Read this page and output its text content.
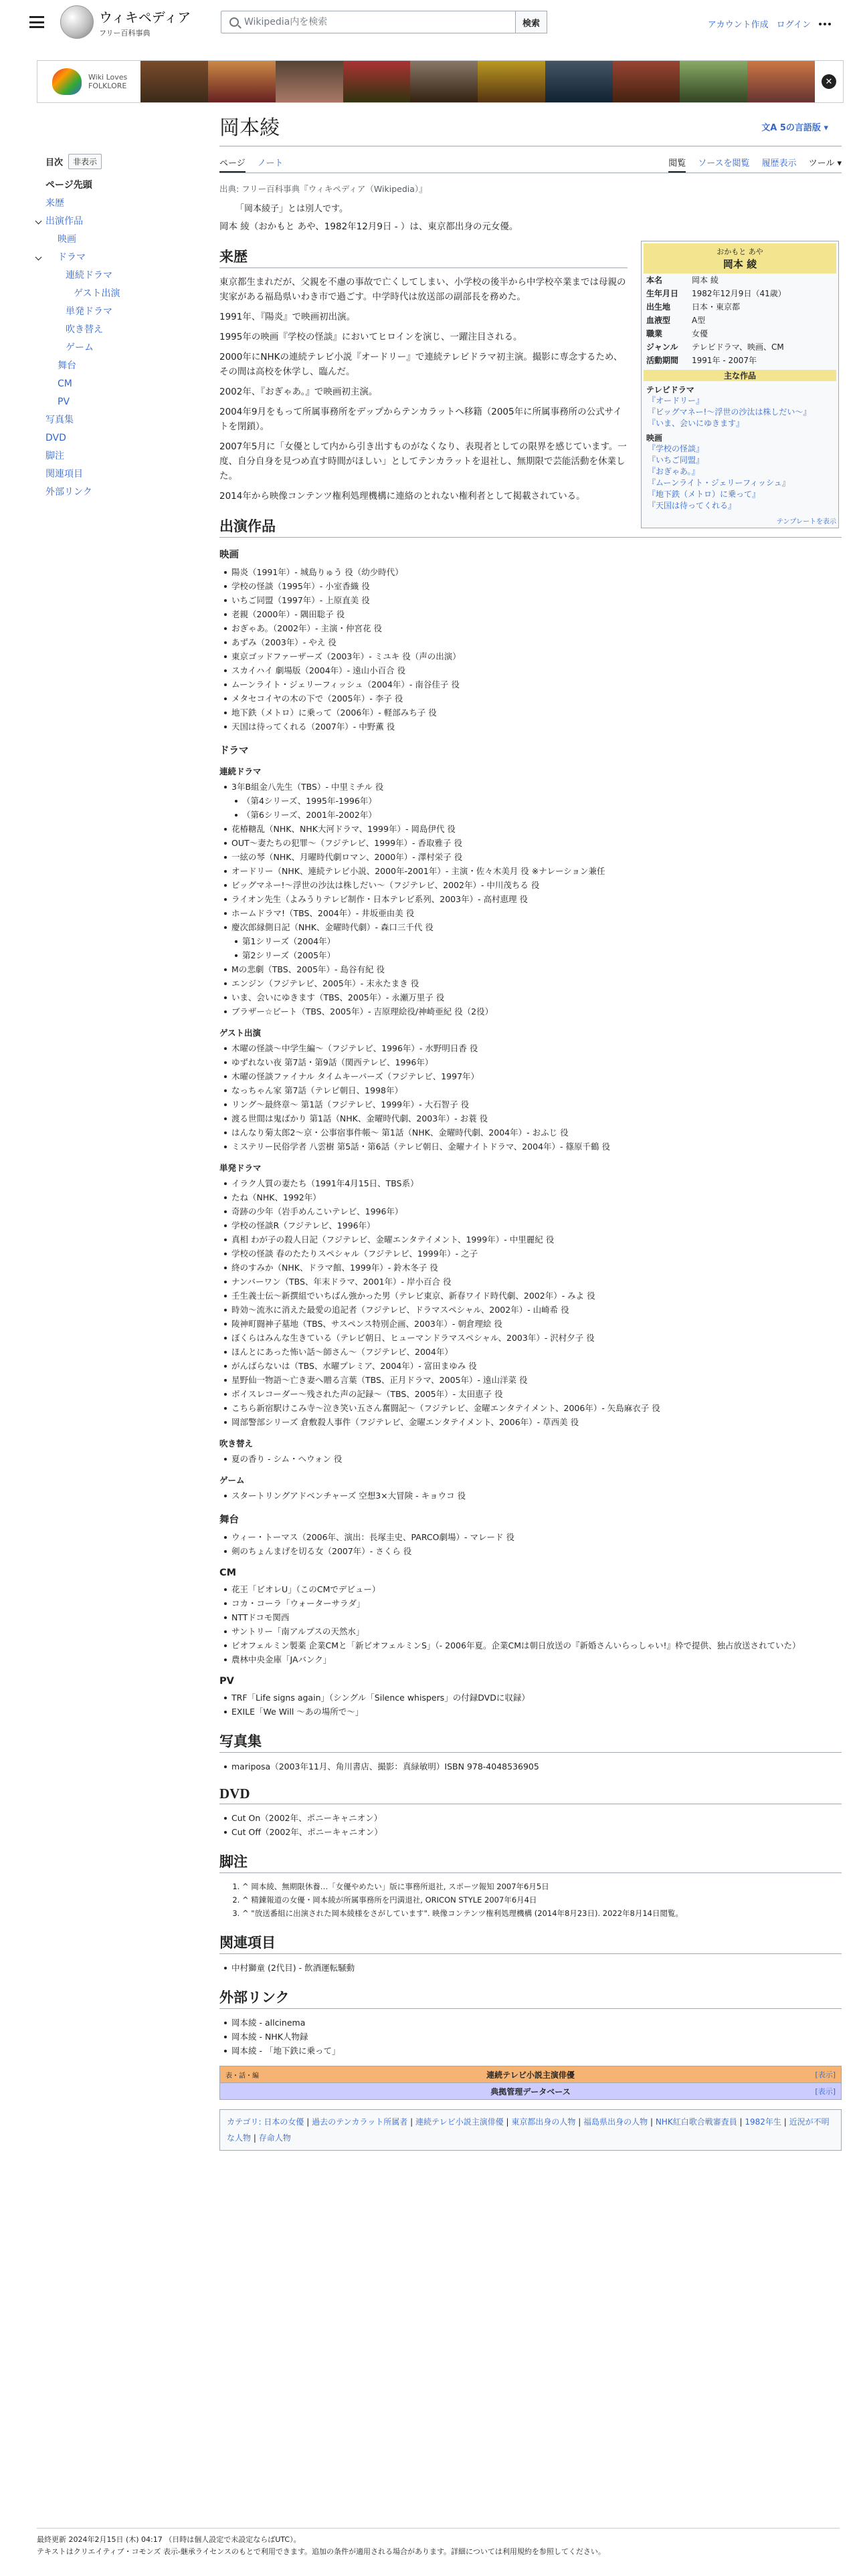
ウィキペディア
フリー百科事典
Wikipedia内を検索
検索	アカウント作成 ログイン
Wiki Loves
FOLKLORE	✕
目次	非表示
ページ先頭
来歴
出演作品
映画
ドラマ
連続ドラマ
ゲスト出演
単発ドラマ
吹き替え
ゲーム
舞台
CM
PV
写真集
DVD
脚注
関連項目
外部リンク
岡本綾	文A 5の言語版 ▾
ページ ノート	閲覧 ソースを閲覧 履歴表示 ツール ▾
出典: フリー百科事典『ウィキペディア（Wikipedia）』
「岡本綾子」とは別人です。
岡本 綾（おかもと あや、1982年12月9日 - ）は、東京都出身の元女優。
来歴
東京都生まれだが、父親を不慮の事故で亡くしてしまい、小学校の後半から中学校卒業までは母親の実家がある福島県いわき市で過ごす。中学時代は放送部の副部長を務めた。
1991年、『陽炎』で映画初出演。
1995年の映画『学校の怪談』においてヒロインを演じ、一躍注目される。
2000年にNHKの連続テレビ小説『オードリー』で連続テレビドラマ初主演。撮影に専念するため、その間は高校を休学し、臨んだ。
2002年、『おぎゃあ。』で映画初主演。
2004年9月をもって所属事務所をデップからテンカラットへ移籍（2005年に所属事務所の公式サイトを閉鎖）。
2007年5月に「女優として内から引き出すものがなくなり、表現者としての限界を感じています。一度、自分自身を見つめ直す時間がほしい」としてテンカラットを退社し、無期限で芸能活動を休業した。
2014年から映像コンテンツ権利処理機構に連絡のとれない権利者として掲載されている。
出演作品
映画
陽炎（1991年）- 城島りゅう 役（幼少時代）
学校の怪談（1995年）- 小室香織 役
いちご同盟（1997年）- 上原直美 役
老親（2000年）- 隅田聡子 役
おぎゃあ。（2002年）- 主演・仲宮花 役
あずみ（2003年）- やえ 役
東京ゴッドファーザーズ（2003年）- ミユキ 役（声の出演）
スカイハイ 劇場版（2004年）- 遠山小百合 役
ムーンライト・ジェリーフィッシュ（2004年）- 南谷佳子 役
メタセコイヤの木の下で（2005年）- 李子 役
地下鉄（メトロ）に乗って（2006年）- 軽部みち子 役
天国は待ってくれる（2007年）- 中野薫 役
ドラマ
連続ドラマ
3年B組金八先生（TBS）- 中里ミチル 役
（第4シリーズ、1995年-1996年）
（第6シリーズ、2001年-2002年）
花椿糖乱（NHK、NHK大河ドラマ、1999年）- 岡島伊代 役
OUT〜妻たちの犯罪〜（フジテレビ、1999年）- 香取雅子 役
一絃の琴（NHK、月曜時代劇ロマン、2000年）- 澤村栄子 役
オードリー（NHK、連続テレビ小説、2000年-2001年）- 主演・佐々木美月 役 ※ナレーション兼任
ビッグマネー!〜浮世の沙汰は株しだい〜（フジテレビ、2002年）- 中川茂ちる 役
ライオン先生（よみうりテレビ制作・日本テレビ系列、2003年）- 高村恵理 役
ホームドラマ!（TBS、2004年）- 井坂亜由美 役
慶次郎縁側日記（NHK、金曜時代劇）- 森口三千代 役
第1シリーズ（2004年）
第2シリーズ（2005年）
Mの悲劇（TBS、2005年）- 島谷有紀 役
エンジン（フジテレビ、2005年）- 末永たまき 役
いま、会いにゆきます（TBS、2005年）- 永瀬万里子 役
ブラザー☆ビート（TBS、2005年）- 吉原理絵役/神崎亜紀 役（2役）
ゲスト出演
木曜の怪談〜中学生編〜（フジテレビ、1996年）- 水野明日香 役
ゆずれない夜 第7話・第9話（関西テレビ、1996年）
木曜の怪談ファイナル タイムキーパーズ（フジテレビ、1997年）
なっちゃん家 第7話（テレビ朝日、1998年）
リング〜最終章〜 第1話（フジテレビ、1999年）- 大石智子 役
渡る世間は鬼ばかり 第1話（NHK、金曜時代劇、2003年）- お蓑 役
はんなり菊太郎2〜京・公事宿事件帳〜 第1話（NHK、金曜時代劇、2004年）- おふじ 役
ミステリー民俗学者 八雲樹 第5話・第6話（テレビ朝日、金曜ナイトドラマ、2004年）- 篠原千鶴 役
単発ドラマ
イラク人質の妻たち（1991年4月15日、TBS系）
たね（NHK、1992年）
奇跡の少年（岩手めんこいテレビ、1996年）
学校の怪談R（フジテレビ、1996年）
真相 わが子の殺人日記（フジテレビ、金曜エンタテイメント、1999年）- 中里麗紀 役
学校の怪談 春のたたりスペシャル（フジテレビ、1999年）- 之子
終のすみか（NHK、ドラマ館、1999年）- 鈴木冬子 役
ナンバーワン（TBS、年末ドラマ、2001年）- 岸小百合 役
壬生義士伝〜新撰組でいちばん強かった男（テレビ東京、新春ワイド時代劇、2002年）- みよ 役
時効〜流氷に消えた最愛の追記者（フジテレビ、ドラマスペシャル、2002年）- 山崎希 役
陵神町闘神子墓地（TBS、サスペンス特別企画、2003年）- 朝倉理絵 役
ぼくらはみんな生きている（テレビ朝日、ヒューマンドラマスペシャル、2003年）- 沢村夕子 役
ほんとにあった怖い話〜師さん〜（フジテレビ、2004年）
がんばらないは（TBS、水曜プレミア、2004年）- 富田まゆみ 役
星野仙一物語〜亡き妻へ贈る言葉（TBS、正月ドラマ、2005年）- 遠山洋菜 役
ボイスレコーダー〜残された声の記録〜（TBS、2005年）- 太田恵子 役
こちら新宿駅けこみ寺〜泣き笑い五さん奮闘記〜（フジテレビ、金曜エンタテイメント、2006年）- 矢島麻衣子 役
岡部警部シリーズ 倉敷殺人事件（フジテレビ、金曜エンタテイメント、2006年）- 草西美 役
吹き替え
夏の香り - シム・ヘウォン 役
ゲーム
スタートリングアドベンチャーズ 空想3×大冒険 - キョウコ 役
舞台
ウィー・トーマス（2006年、演出：長塚圭史、PARCO劇場）- マレード 役
剣のちょんまげを切る女（2007年）- さくら 役
CM
花王「ビオレU」（このCMでデビュー）
コカ・コーラ「ウォーターサラダ」
NTTドコモ関西
サントリー「南アルプスの天然水」
ビオフェルミン製薬 企業CMと「新ビオフェルミンS」（- 2006年夏。企業CMは朝日放送の『新婚さんいらっしゃい!』枠で提供、独占放送されていた）
農林中央金庫「JAバンク」
PV
TRF「Life signs again」（シングル「Silence whispers」の付録DVDに収録）
EXILE「We Will 〜あの場所で〜」
写真集
mariposa（2003年11月、角川書店、撮影：真緑敏明）ISBN 978-4048536905
DVD
Cut On（2002年、ポニーキャニオン）
Cut Off（2002年、ポニーキャニオン）
脚注
1. ^ 岡本綾、無期限休養…「女優やめたい」版に事務所退社, スポーツ報知 2007年6月5日
2. ^ 精錬報道の女優・岡本綾が所属事務所を円満退社, ORICON STYLE 2007年6月4日
3. ^ "放送番組に出演された岡本綾様をさがしています". 映像コンテンツ権利処理機構 (2014年8月23日). 2022年8月14日閲覧。
関連項目
中村獅童 (2代目) - 飲酒運転騒動
外部リンク
岡本綾 - allcinema
岡本綾 - NHK人物録
岡本綾 - 「地下鉄に乗って」
表・話・編	連続テレビ小説主演俳優	[表示]
典拠管理データベース	[表示]
カテゴリ: 日本の女優 | 過去のテンカラット所属者 | 連続テレビ小説主演俳優 | 東京都出身の人物 | 福島県出身の人物 | NHK紅白歌合戦審査員 | 1982年生 | 近況が不明な人物 | 存命人物
おかもと あや
岡本 綾
本名	岡本 綾
生年月日	1982年12月9日（41歳）
出生地	日本・東京都
血液型	A型
職業	女優
ジャンル	テレビドラマ、映画、CM
活動期間	1991年 - 2007年
主な作品
テレビドラマ
『オードリー』
『ビッグマネー!〜浮世の沙汰は株しだい〜』
『いま、会いにゆきます』
映画
『学校の怪談』
『いちご同盟』
『おぎゃあ。』
『ムーンライト・ジェリーフィッシュ』
『地下鉄（メトロ）に乗って』
『天国は待ってくれる』
テンプレートを表示
最終更新 2024年2月15日 (木) 04:17 （日時は個人設定で未設定ならばUTC）。
テキストはクリエイティブ・コモンズ 表示-継承ライセンスのもとで利用できます。追加の条件が適用される場合があります。詳細については利用規約を参照してください。
